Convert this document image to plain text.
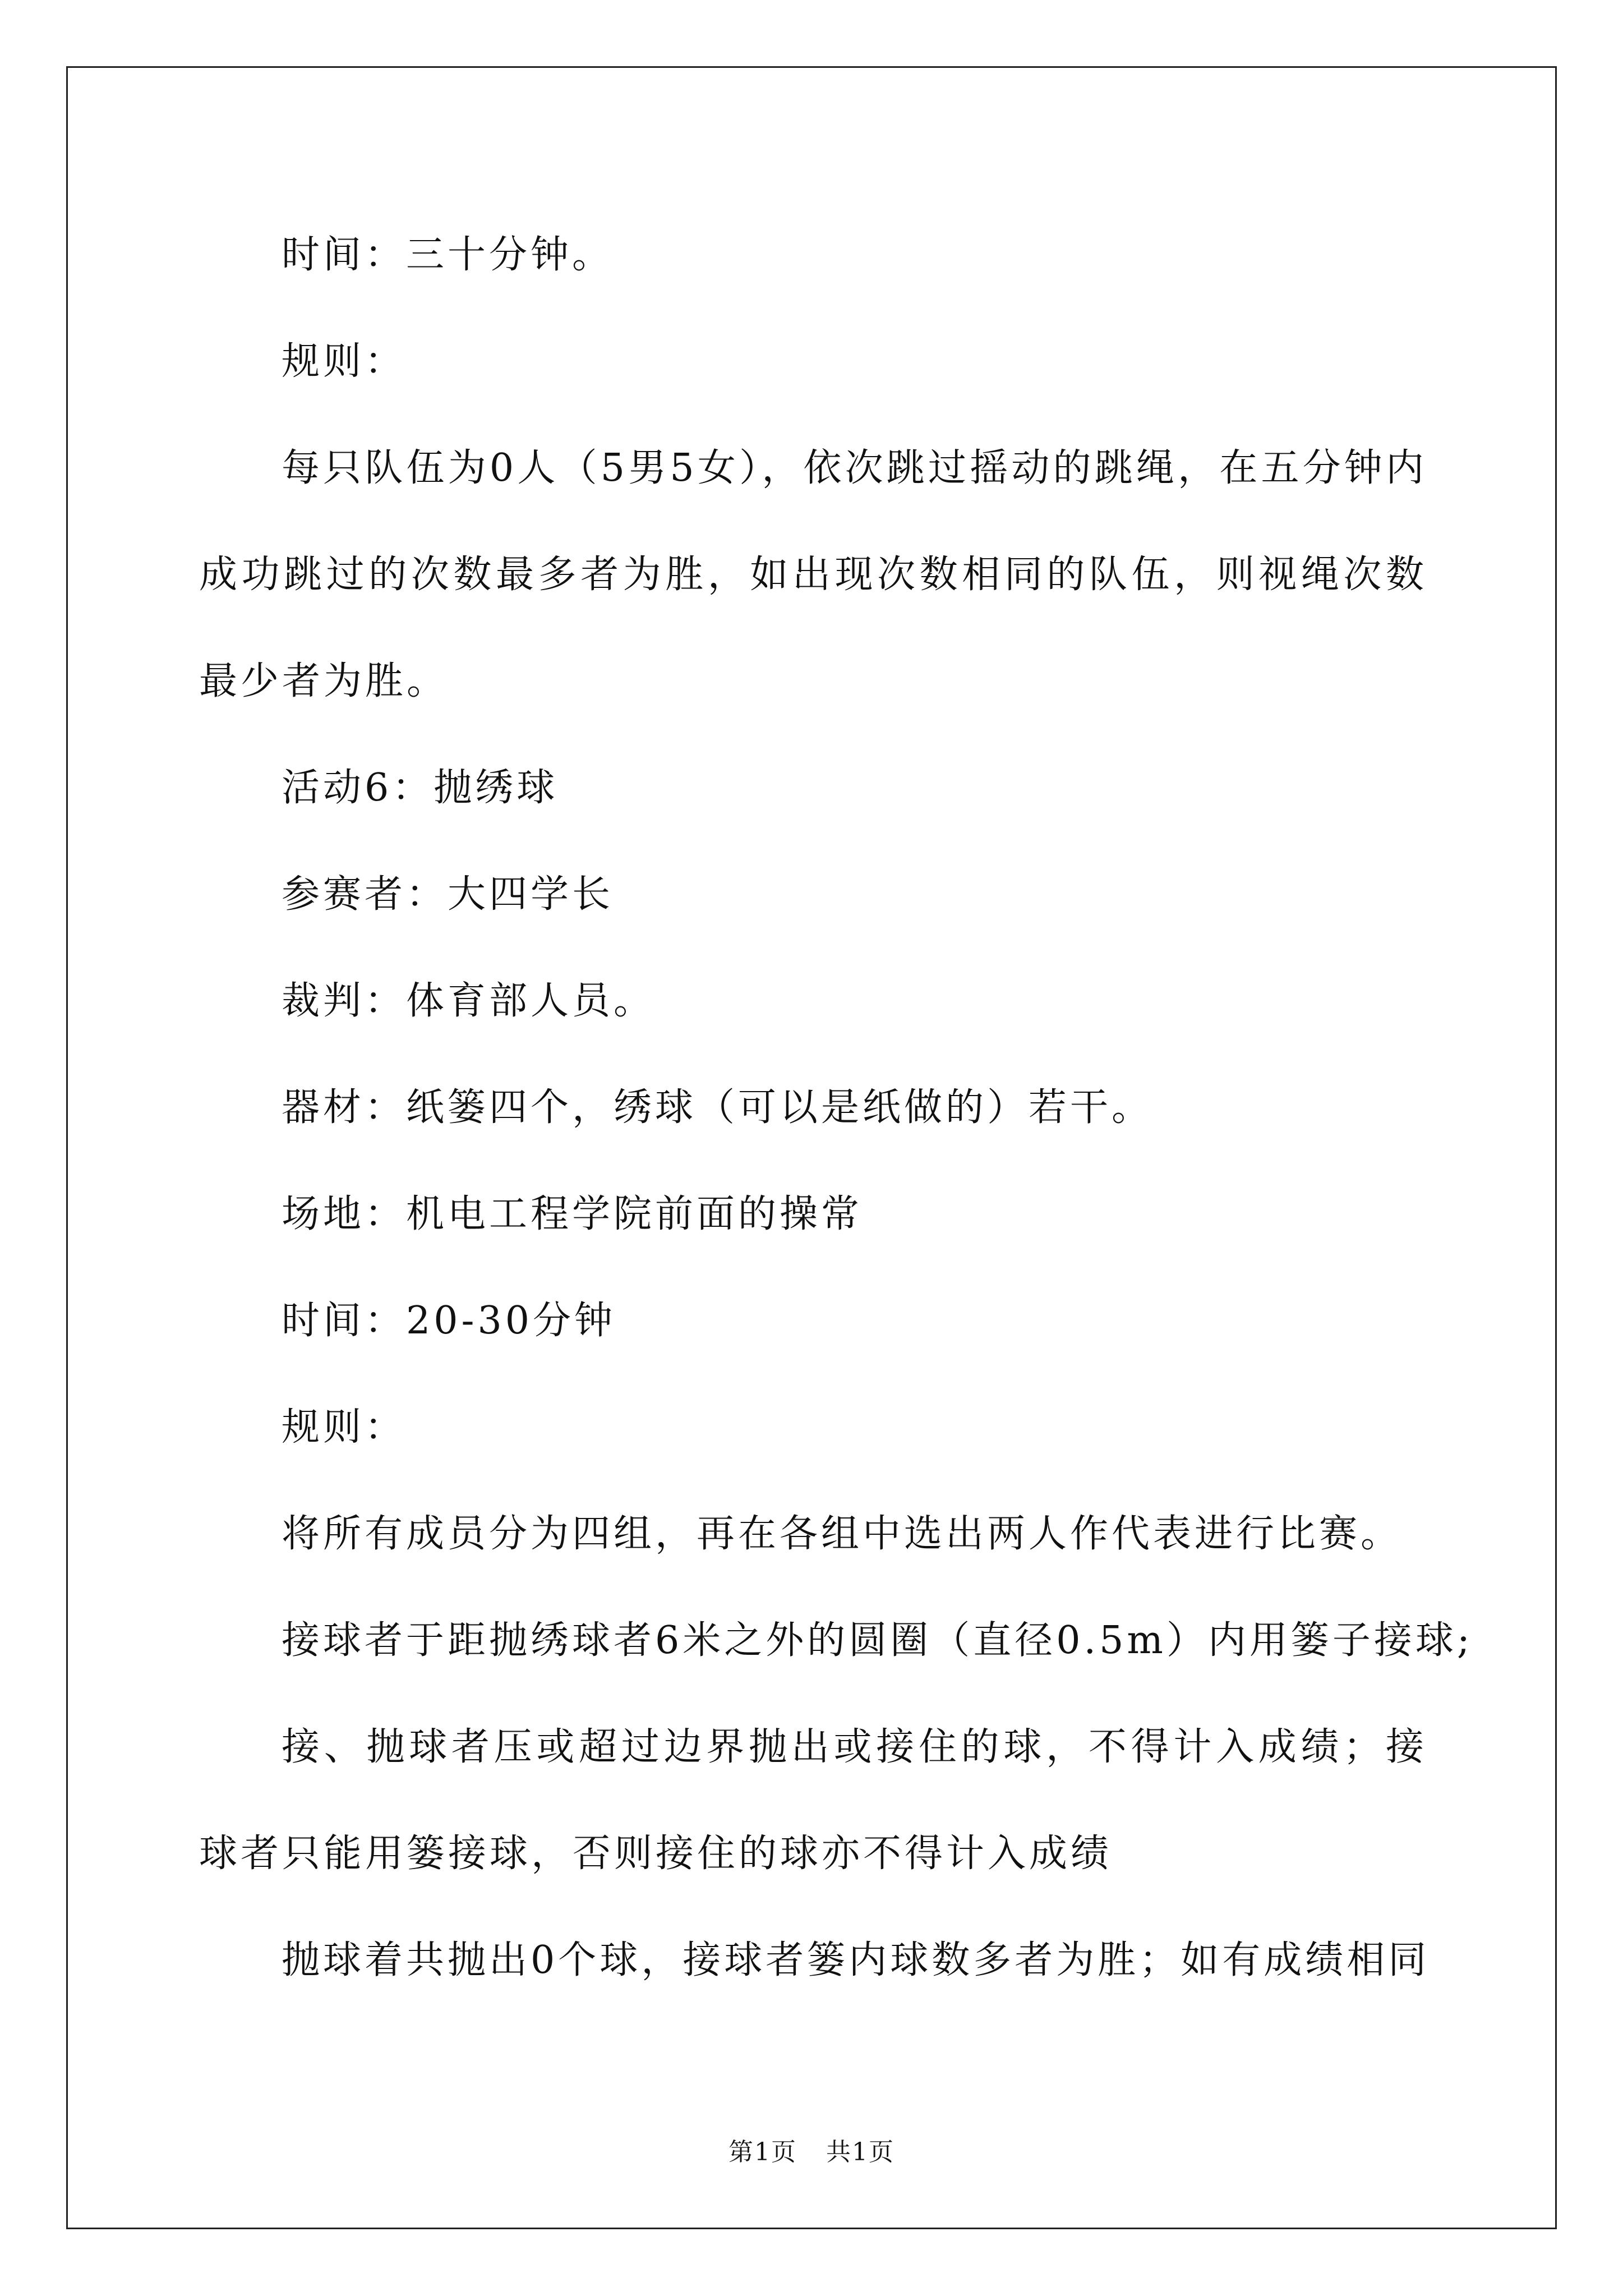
时间：三十分钟。

规则：

每只队伍为0人（5男5女），依次跳过摇动的跳绳，在五分钟内成功跳过的次数最多者为胜，如出现次数相同的队伍，则视绳次数最少者为胜。

活动6：抛绣球

参赛者：大四学长

裁判：体育部人员。

器材：纸篓四个，绣球（可以是纸做的）若干。

场地：机电工程学院前面的操常

时间：20-30分钟

规则：

将所有成员分为四组，再在各组中选出两人作代表进行比赛。

接球者于距抛绣球者6米之外的圆圈（直径0.5m）内用篓子接球;

接、抛球者压或超过边界抛出或接住的球，不得计入成绩；接球者只能用篓接球，否则接住的球亦不得计入成绩

抛球着共抛出0个球，接球者篓内球数多者为胜；如有成绩相同

第1页 共1页
